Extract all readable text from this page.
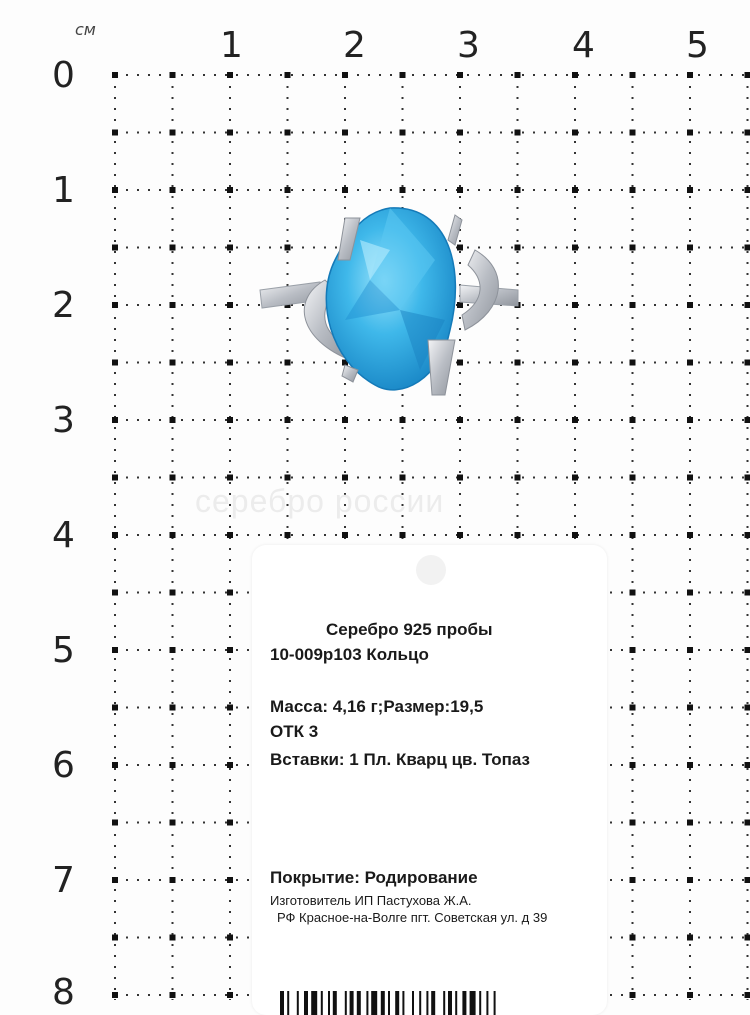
см	1	2	3	4	5
0
1
2
3
4
5
6
7
8
серебро россии
Серебро 925 пробы
10-009р103 Кольцо
Масса: 4,16 г;Размер:19,5
ОТК 3
Вставки: 1 Пл. Кварц цв. Топаз
Покрытие: Родирование
Изготовитель ИП Пастухова Ж.А.
РФ Красное-на-Волге пгт. Советская ул. д 39
